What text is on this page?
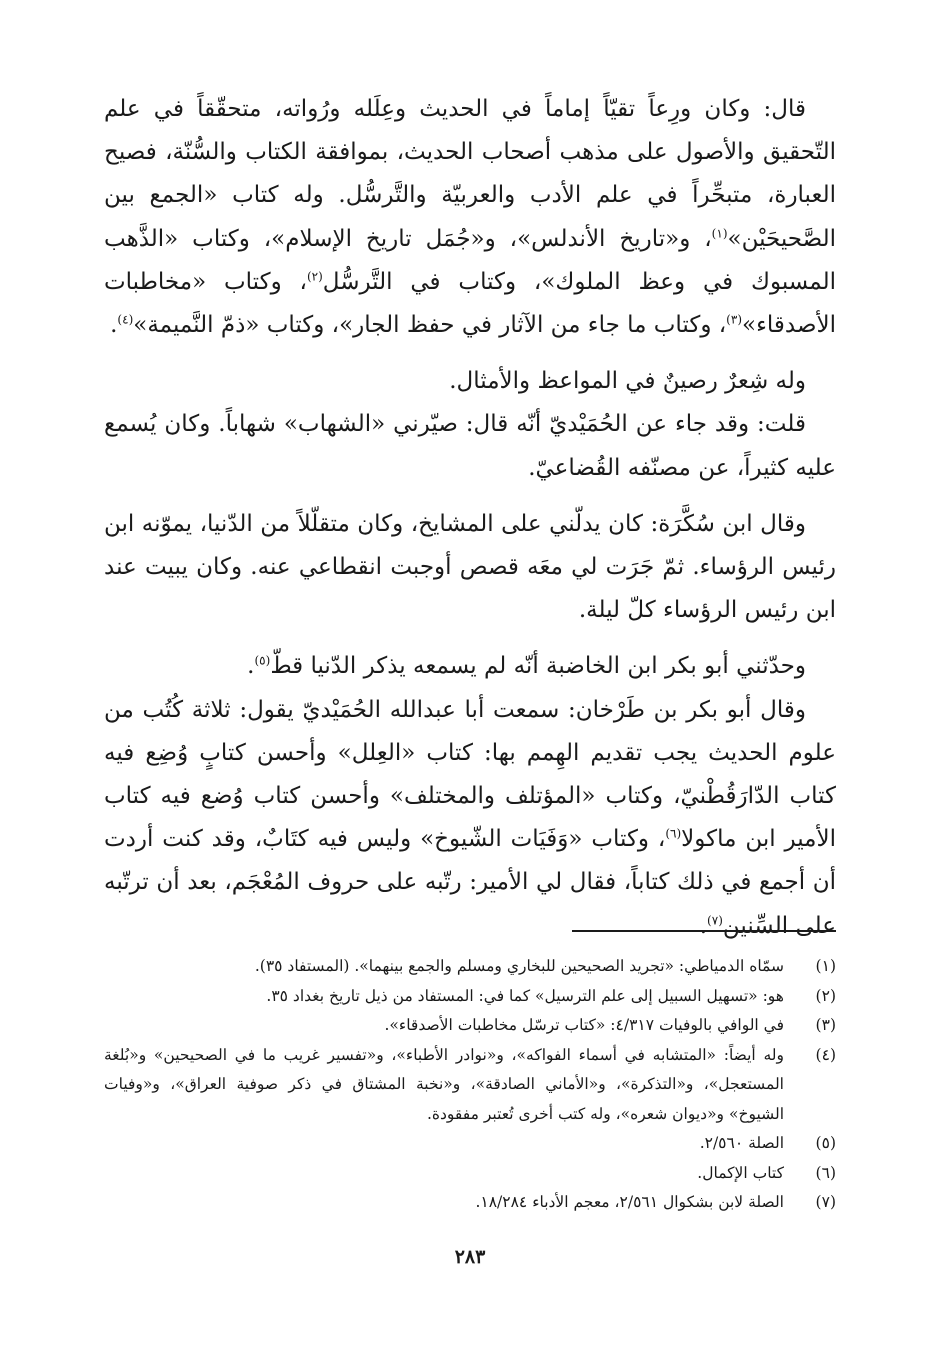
قال: وكان ورِعاً تقيّاً إماماً في الحديث وعِلَله ورُواته، متحقّقاً في علم التّحقيق والأصول على مذهب أصحاب الحديث، بموافقة الكتاب والسُّنّة، فصيح العبارة، متبحِّراً في علم الأدب والعربيّة والتَّرسُّل. وله كتاب «الجمع بين الصَّحيحَيْن»$^{(١)}$، و«تاريخ الأندلس»، و«جُمَل تاريخ الإسلام»، وكتاب «الذَّهب المسبوك في وعظ الملوك»، وكتاب في التَّرسُّل$^{(٢)}$، وكتاب «مخاطبات الأصدقاء»$^{(٣)}$، وكتاب ما جاء من الآثار في حفظ الجار»، وكتاب «ذمّ النَّميمة»$^{(٤)}$.

وله شِعرٌ رصينٌ في المواعظ والأمثال.

قلت: وقد جاء عن الحُمَيْديّ أنّه قال: صيّرني «الشهاب» شهاباً. وكان يُسمع عليه كثيراً، عن مصنّفه القُضاعيّ.

وقال ابن سُكَّرَة: كان يدلّني على المشايخ، وكان متقلّلاً من الدّنيا، يموّنه ابن رئيس الرؤساء. ثمّ جَرَت لي معَه قصص أوجبت انقطاعي عنه. وكان يبيت عند ابن رئيس الرؤساء كلّ ليلة.

وحدّثني أبو بكر ابن الخاضبة أنّه لم يسمعه يذكر الدّنيا قطّ$^{(٥)}$.

وقال أبو بكر بن طَرْخان: سمعت أبا عبدالله الحُمَيْديّ يقول: ثلاثة كُتُب من علوم الحديث يجب تقديم الهِمم بها: كتاب «العِلل» وأحسن كتابٍ وُضِع فيه كتاب الدّارَقُطْنيّ، وكتاب «المؤتلف والمختلف» وأحسن كتاب وُضع فيه كتاب الأمير ابن ماكولا$^{(٦)}$، وكتاب «وَفَيَات الشّيوخ» وليس فيه كتَابٌ، وقد كنت أردت أن أجمع في ذلك كتاباً، فقال لي الأمير: رتّبه على حروف المُعْجَم، بعد أن ترتّبه على السِّنين$^{(٧)}$.

(١)
سمّاه الدمياطي: «تجريد الصحيحين للبخاري ومسلم والجمع بينهما». (المستفاد ٣٥).
(٢)
هو: «تسهيل السبيل إلى علم الترسيل» كما في: المستفاد من ذيل تاريخ بغداد ٣٥.
(٣)
في الوافي بالوفيات ٤/٣١٧: «كتاب ترسّل مخاطبات الأصدقاء».
(٤)
وله أيضاً: «المتشابه في أسماء الفواكه»، و«نوادر الأطباء»، و«تفسير غريب ما في الصحيحين» و«بُلغة المستعجل»، و«التذكرة»، و«الأماني الصادقة»، و«نخبة المشتاق في ذكر صوفية العراق»، و«وفيات الشيوخ» و«ديوان شعره»، وله كتب أخرى تُعتبر مفقودة.
(٥)
الصلة ٢/٥٦٠.
(٦)
كتاب الإكمال.
(٧)
الصلة لابن بشكوال ٢/٥٦١، معجم الأدباء ١٨/٢٨٤.
٢٨٣
